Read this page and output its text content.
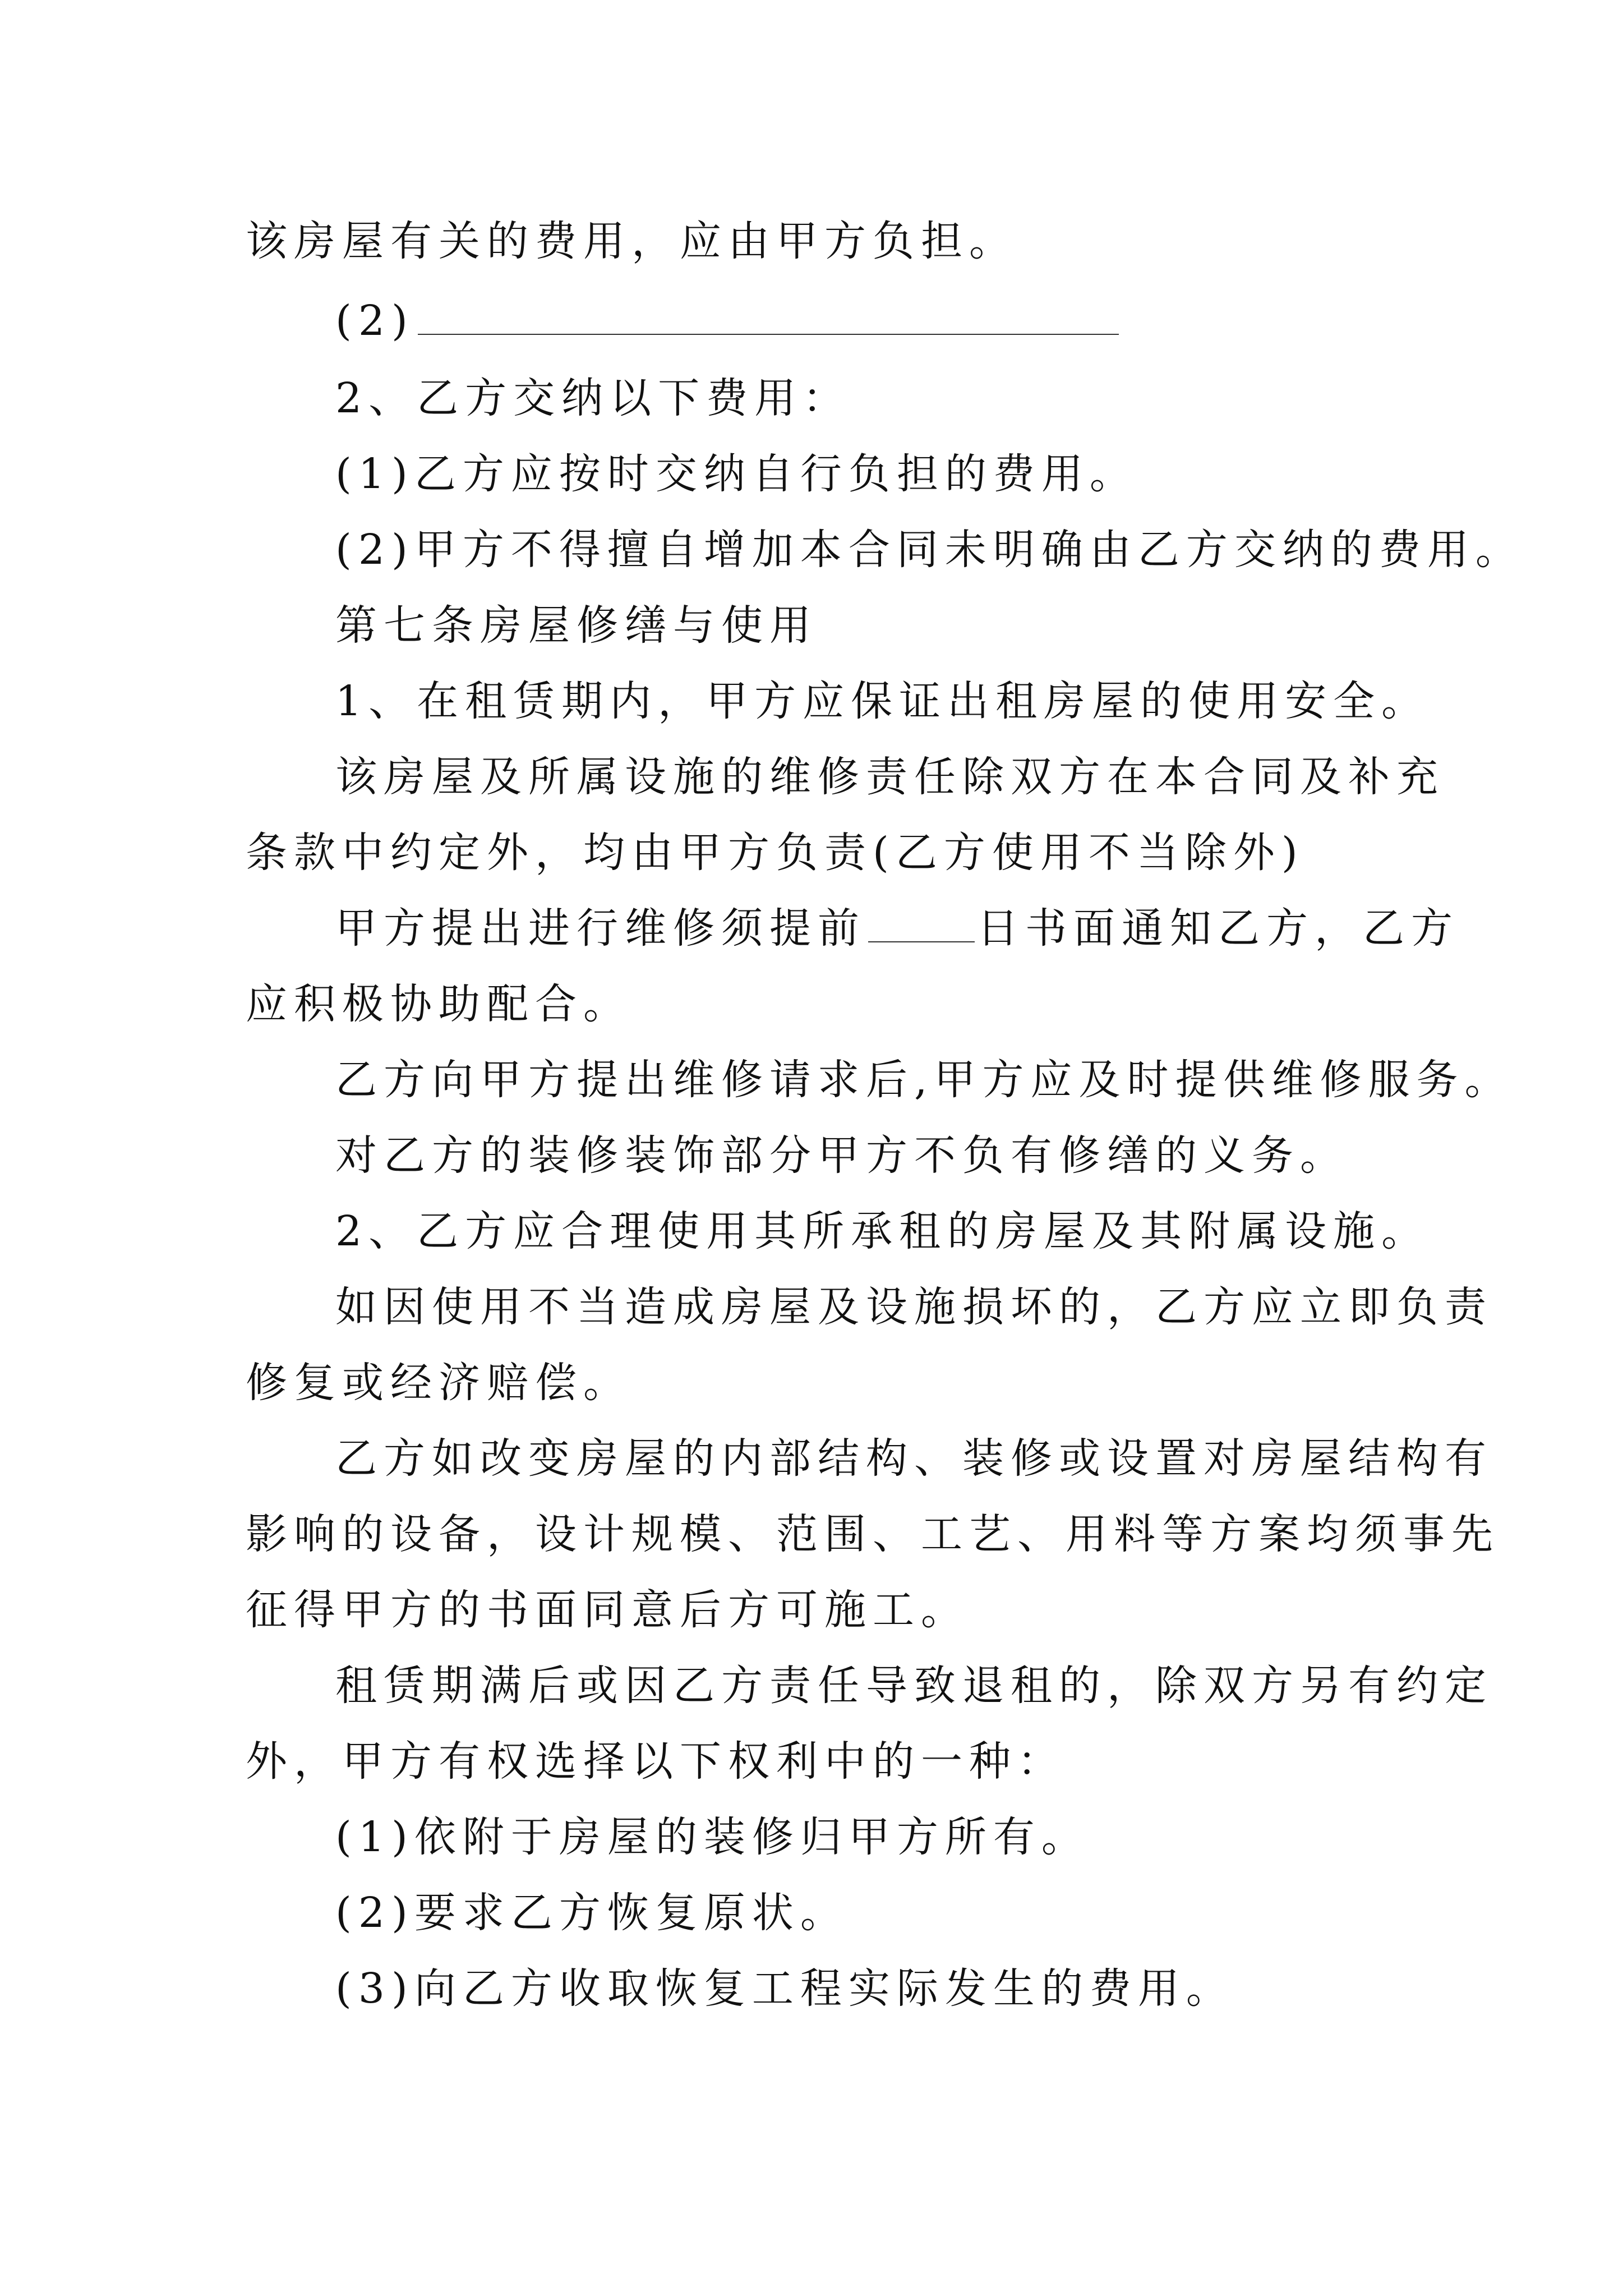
该房屋有关的费用，应由甲方负担。
(2)
2、乙方交纳以下费用：
(1)乙方应按时交纳自行负担的费用。
(2)甲方不得擅自增加本合同未明确由乙方交纳的费用。
第七条房屋修缮与使用
1、在租赁期内，甲方应保证出租房屋的使用安全。
该房屋及所属设施的维修责任除双方在本合同及补充
条款中约定外，均由甲方负责(乙方使用不当除外)
甲方提出进行维修须提前	日书面通知乙方，乙方
应积极协助配合。
乙方向甲方提出维修请求后,甲方应及时提供维修服务。
对乙方的装修装饰部分甲方不负有修缮的义务。
2、乙方应合理使用其所承租的房屋及其附属设施。
如因使用不当造成房屋及设施损坏的，乙方应立即负责
修复或经济赔偿。
乙方如改变房屋的内部结构、装修或设置对房屋结构有
影响的设备，设计规模、范围、工艺、用料等方案均须事先
征得甲方的书面同意后方可施工。
租赁期满后或因乙方责任导致退租的，除双方另有约定
外，甲方有权选择以下权利中的一种：
(1)依附于房屋的装修归甲方所有。
(2)要求乙方恢复原状。
(3)向乙方收取恢复工程实际发生的费用。
